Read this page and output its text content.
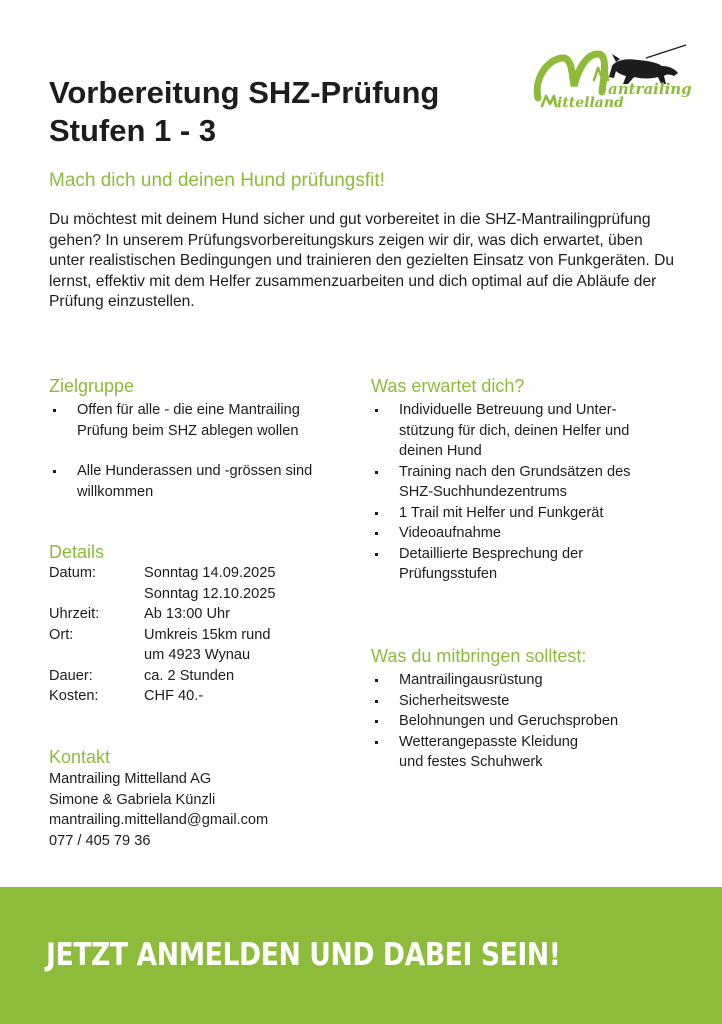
Vorbereitung SHZ-Prüfung
Stufen 1 - 3
antrailing
ittelland
Mach dich und deinen Hund prüfungsfit!
Du möchtest mit deinem Hund sicher und gut vorbereitet in die SHZ-Mantrailingprüfung gehen? In unserem Prüfungsvorbereitungskurs zeigen wir dir, was dich erwartet, üben unter realistischen Bedingungen und trainieren den gezielten Einsatz von Funkgeräten. Du lernst, effektiv mit dem Helfer zusammenzuarbeiten und dich optimal auf die Abläufe der Prüfung einzustellen.
Zielgruppe
Offen für alle - die eine Mantrailing Prüfung beim SHZ ablegen wollen
Alle Hunderassen und -grössen sind willkommen
Details
Datum:	Sonntag 14.09.2025
	Sonntag 12.10.2025
Uhrzeit:	Ab 13:00 Uhr
Ort:	Umkreis 15km rund
	um 4923 Wynau
Dauer:	ca. 2 Stunden
Kosten:	CHF 40.-
Kontakt
Mantrailing Mittelland AG
Simone & Gabriela Künzli
mantrailing.mittelland@gmail.com
077 / 405 79 36
Was erwartet dich?
Individuelle Betreuung und Unter-stützung für dich, deinen Helfer und deinen Hund
Training nach den Grundsätzen des SHZ-Suchhundezentrums
1 Trail mit Helfer und Funkgerät
Videoaufnahme
Detaillierte Besprechung der Prüfungsstufen
Was du mitbringen solltest:
Mantrailingausrüstung
Sicherheitsweste
Belohnungen und Geruchsproben
Wetterangepasste Kleidung und festes Schuhwerk
JETZT ANMELDEN UND DABEI SEIN!
